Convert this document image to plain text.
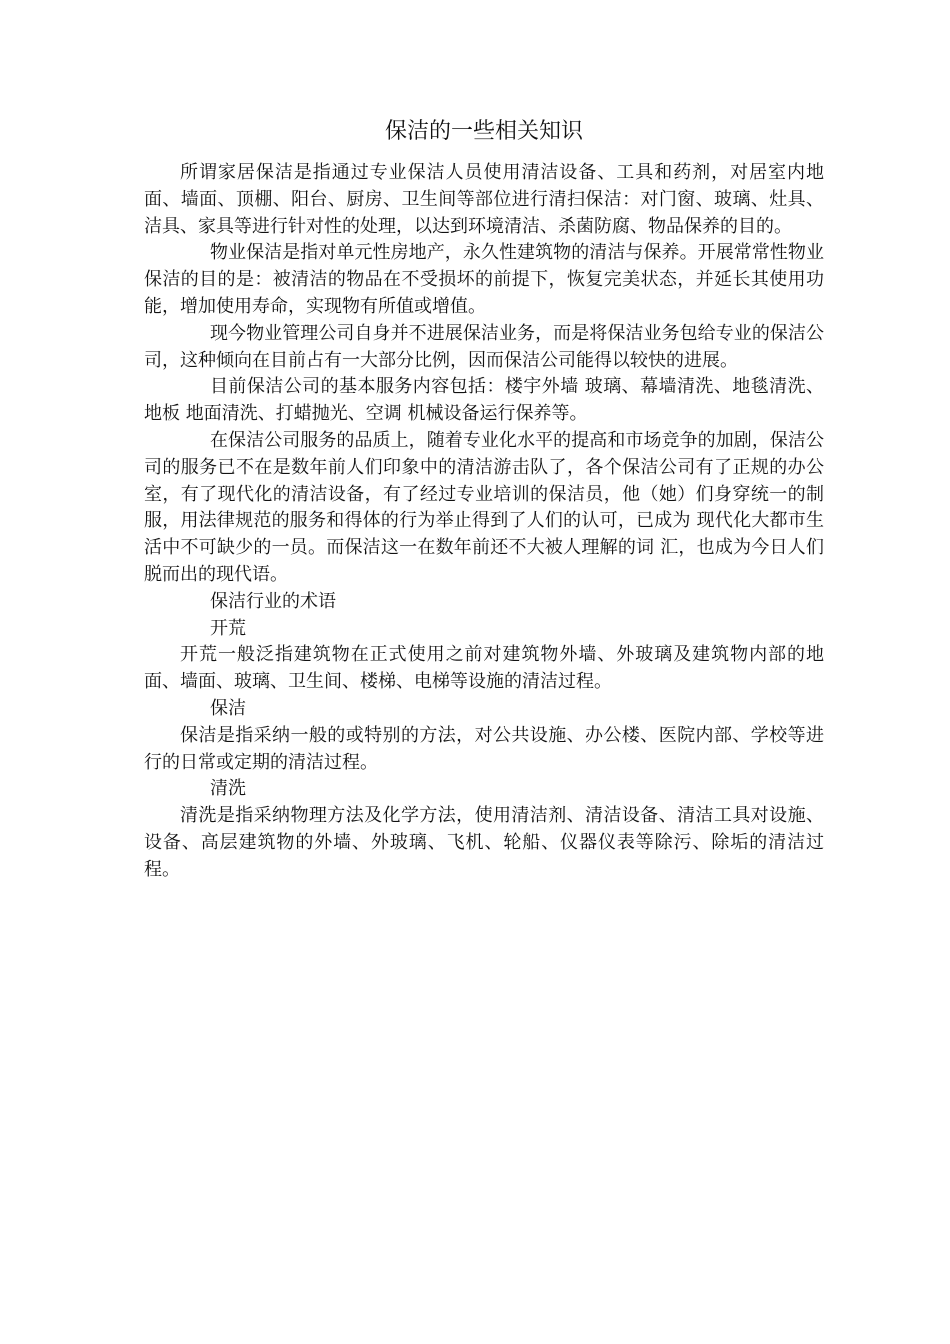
保洁的一些相关知识

所谓家居保洁是指通过专业保洁人员使用清洁设备、工具和药剂，对居室内地面、墙面、顶棚、阳台、厨房、卫生间等部位进行清扫保洁：对门窗、玻璃、灶具、洁具、家具等进行针对性的处理，以达到环境清洁、杀菌防腐、物品保养的目的。

物业保洁是指对单元性房地产，永久性建筑物的清洁与保养。开展常常性物业保洁的目的是：被清洁的物品在不受损坏的前提下，恢复完美状态，并延长其使用功能，增加使用寿命，实现物有所值或增值。

现今物业管理公司自身并不进展保洁业务，而是将保洁业务包给专业的保洁公司，这种倾向在目前占有一大部分比例，因而保洁公司能得以较快的进展。

目前保洁公司的基本服务内容包括：楼宇外墙 玻璃、幕墙清洗、地毯清洗、地板 地面清洗、打蜡抛光、空调 机械设备运行保养等。

在保洁公司服务的品质上，随着专业化水平的提高和市场竞争的加剧，保洁公司的服务已不在是数年前人们印象中的清洁游击队了，各个保洁公司有了正规的办公室，有了现代化的清洁设备，有了经过专业培训的保洁员，他（她）们身穿统一的制服，用法律规范的服务和得体的行为举止得到了人们的认可，已成为 现代化大都市生活中不可缺少的一员。而保洁这一在数年前还不大被人理解的词 汇，也成为今日人们脱而出的现代语。

保洁行业的术语
开荒

开荒一般泛指建筑物在正式使用之前对建筑物外墙、外玻璃及建筑物内部的地面、墙面、玻璃、卫生间、楼梯、电梯等设施的清洁过程。

保洁

保洁是指采纳一般的或特别的方法，对公共设施、办公楼、医院内部、学校等进行的日常或定期的清洁过程。

清洗

清洗是指采纳物理方法及化学方法，使用清洁剂、清洁设备、清洁工具对设施、设备、高层建筑物的外墙、外玻璃、飞机、轮船、仪器仪表等除污、除垢的清洁过程。
